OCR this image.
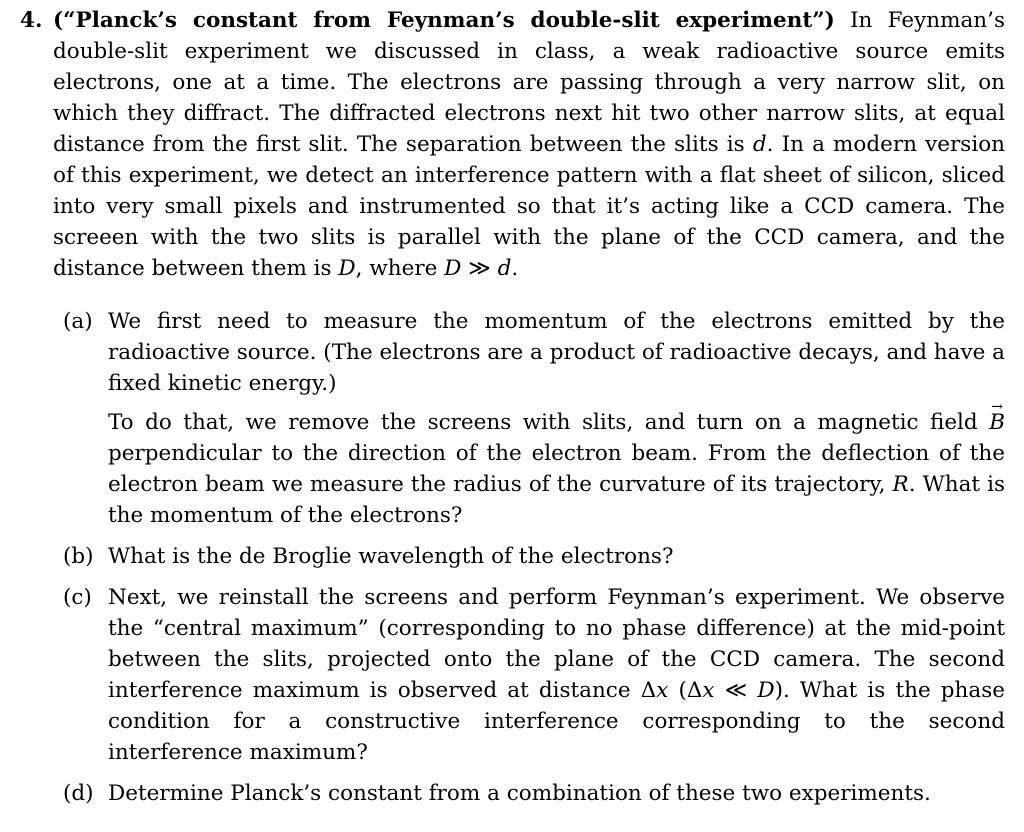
4. (“Planck’s constant from Feynman’s double-slit experiment”) In Feynman’s double-slit experiment we discussed in class, a weak radioactive source emits electrons, one at a time. The electrons are passing through a very narrow slit, on which they diffract. The diffracted electrons next hit two other narrow slits, at equal distance from the first slit. The separation between the slits is d. In a modern version of this experiment, we detect an interference pattern with a flat sheet of silicon, sliced into very small pixels and instrumented so that it’s acting like a CCD camera. The screeen with the two slits is parallel with the plane of the CCD camera, and the distance between them is D, where D ≫ d.
(a) We first need to measure the momentum of the electrons emitted by the radioactive source. (The electrons are a product of radioactive decays, and have a fixed kinetic energy.)
To do that, we remove the screens with slits, and turn on a magnetic field → B perpendicular to the direction of the electron beam. From the deflection of the electron beam we measure the radius of the curvature of its trajectory, R. What is the momentum of the electrons?
(b) What is the de Broglie wavelength of the electrons?
(c) Next, we reinstall the screens and perform Feynman’s experiment. We observe the “central maximum” (corresponding to no phase difference) at the mid-point between the slits, projected onto the plane of the CCD camera. The second interference maximum is observed at distance Δx (Δx ≪ D). What is the phase condition for a constructive interference corresponding to the second interference maximum?
(d) Determine Planck’s constant from a combination of these two experiments.
